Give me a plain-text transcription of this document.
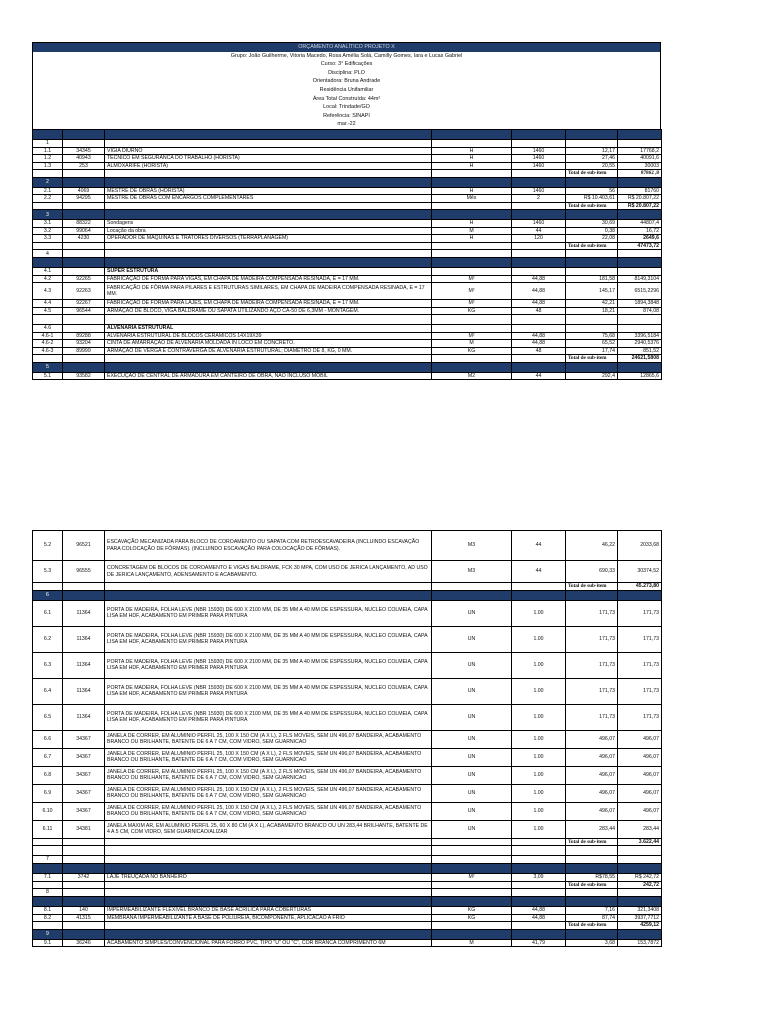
ORÇAMENTO ANALÍTICO PROJETO X
Grupo: João Guilherme, Vitoria Macedo, Rosa Amélia Solá, Camilly Gomes, Iara e Lucas Gabriel
Curso: 3° Edificações
Disciplina: PLO
Orientadora: Bruna Andrade
Residência Unifamiliar
Área Total Construída: 44m²
Local: Trindade/GO
Referência: SINAPI
mar.-22

1						
1.1	34345	VIGIA DIURNO	H	1460	12,17	17768,2
1.2	40943	TECNICO EM SEGURANCA DO TRABALHO (HORISTA)	H	1460	27,46	40091,6
1.3	253	ALMOXARIFE (HORISTA)	H	1460	20,55	30003
					Total de sub-item	87862 ,8
2						
2.1	4069	MESTRE DE OBRAS (HORISTA)	H	1460	56	81760
2.2	94295	MESTRE DE OBRAS COM ENCARGOS COMPLEMENTARES	Mês	2	R$ 10.403,61	R$ 20.807,22
					Total de sub-item	R$ 20.807,22
3						
3.1	88322	Sondagens	H	1460	30,69	44807,4
3.2	99064	Locação da obra	M	44	0,38	16,72
3.3	4230	OPERADOR DE MAQUINAS E TRATORES DIVERSOS (TERRAPLANAGEM)	H	120	22,08	2649,6
					Total de sub-item	47473,72
4						

4.1		SUPER ESTRUTURA				
4.2	92265	FABRICAÇÃO DE FÔRMA PARA VIGAS, EM CHAPA DE MADEIRA COMPENSADA RESINADA, E = 17 MM.	M²	44,88	181,58	8149,3104
4.3	92263	FABRICAÇÃO DE FÔRMA PARA PILARES E ESTRUTURAS SIMILARES, EM CHAPA DE MADEIRA COMPENSADA RESINADA, E = 17 MM.	M²	44,88	145,17	6515,2296
4.4	92267	FABRICAÇÃO DE FÔRMA PARA LAJES, EM CHAPA DE MADEIRA COMPENSADA RESINADA, E = 17 MM.	M²	44,88	42,21	1894,3848
4.5	96544	ARMAÇÃO DE BLOCO, VIGA BALDRAME OU SAPATA UTILIZANDO AÇO CA-50 DE 6,3MM - MONTAGEM.	KG	48	18,21	874,08

4.6		ALVENARIA ESTRUTURAL				
4.6-1	89288	ALVENARIA ESTRUTURAL DE BLOCOS CERÂMICOS 14X19X39	M²	44,88	75,68	3396,5184
4.6-2	93204	CINTA DE AMARRAÇÃO DE ALVENARIA MOLDADA IN LOCO EM CONCRETO.	M	44,88	65,52	2940,5376
4.6-3	89999	ARMAÇÃO DE VERGA E CONTRAVERGA DE ALVENARIA ESTRUTURAL; DIÂMETRO DE 8, KG, 0 MM.	KG	48	17,74	851,52
					Total de sub-item	24621,5808
5						
5.1	93582	EXECUÇÃO DE CENTRAL DE ARMADURA EM CANTEIRO DE OBRA, NÃO INCLUSO MOBIL	M2	44	292,4	12865,6
5.2	96521	ESCAVAÇÃO MECANIZADA PARA BLOCO DE COROAMENTO OU SAPATA COM RETROESCAVADEIRA (INCLUINDO ESCAVAÇÃO PARA COLOCAÇÃO DE FÔRMAS). (INCLUINDO ESCAVAÇÃO PARA COLOCAÇÃO DE FÔRMAS).	M3	44	46,22	2033,68
5.3	96555	CONCRETAGEM DE BLOCOS DE COROAMENTO E VIGAS BALDRAME, FCK 30 MPA, COM USO DE JERICA LANÇAMENTO, AD USO DE JERICA LANÇAMENTO, ADENSAMENTO E ACABAMENTO.	M3	44	690,33	30374,52
					Total de sub-item	45.273,80
6						
6.1	11364	PORTA DE MADEIRA, FOLHA LEVE (NBR 15930) DE 600 X 2100 MM, DE 35 MM A 40 MM DE ESPESSURA, NUCLEO COLMEIA, CAPA LISA EM HDF, ACABAMENTO EM PRIMER PARA PINTURA	UN	1.00	171,73	171,73
6.2	11364	PORTA DE MADEIRA, FOLHA LEVE (NBR 15930) DE 600 X 2100 MM, DE 35 MM A 40 MM DE ESPESSURA, NUCLEO COLMEIA, CAPA LISA EM HDF, ACABAMENTO EM PRIMER PARA PINTURA	UN	1.00	171,73	171,73
6.3	11364	PORTA DE MADEIRA, FOLHA LEVE (NBR 15930) DE 600 X 2100 MM, DE 35 MM A 40 MM DE ESPESSURA, NUCLEO COLMEIA, CAPA LISA EM HDF, ACABAMENTO EM PRIMER PARA PINTURA	UN	1.00	171,73	171,73
6.4	11364	PORTA DE MADEIRA, FOLHA LEVE (NBR 15930) DE 600 X 2100 MM, DE 35 MM A 40 MM DE ESPESSURA, NUCLEO COLMEIA, CAPA LISA EM HDF, ACABAMENTO EM PRIMER PARA PINTURA	UN	1.00	171,73	171,73
6.5	11364	PORTA DE MADEIRA, FOLHA LEVE (NBR 15930) DE 600 X 2100 MM, DE 35 MM A 40 MM DE ESPESSURA, NUCLEO COLMEIA, CAPA LISA EM HDF, ACABAMENTO EM PRIMER PARA PINTURA	UN	1.00	171,73	171,73
6.6	34367	JANELA DE CORRER, EM ALUMINIO PERFIL 25, 100 X 150 CM (A X L), 2 FLS MOVEIS, SEM UN 496,07 BANDEIRA, ACABAMENTO BRANCO OU BRILHANTE, BATENTE DE 6 A 7 CM, COM VIDRO, SEM GUARNICAO	UN	1.00	496,07	496,07
6.7	34367	JANELA DE CORRER, EM ALUMINIO PERFIL 25, 100 X 150 CM (A X L), 2 FLS MOVEIS, SEM UN 496,07 BANDEIRA, ACABAMENTO BRANCO OU BRILHANTE, BATENTE DE 6 A 7 CM, COM VIDRO, SEM GUARNICAO	UN	1.00	496,07	496,07
6.8	34367	JANELA DE CORRER, EM ALUMINIO PERFIL 25, 100 X 150 CM (A X L), 2 FLS MOVEIS, SEM UN 496,07 BANDEIRA, ACABAMENTO BRANCO OU BRILHANTE, BATENTE DE 6 A 7 CM, COM VIDRO, SEM GUARNICAO	UN	1.00	496,07	496,07
6.9	34367	JANELA DE CORRER, EM ALUMINIO PERFIL 25, 100 X 150 CM (A X L), 2 FLS MOVEIS, SEM UN 496,07 BANDEIRA, ACABAMENTO BRANCO OU BRILHANTE, BATENTE DE 6 A 7 CM, COM VIDRO, SEM GUARNICAO	UN	1.00	496,07	496,07
6.10	34367	JANELA DE CORRER, EM ALUMINIO PERFIL 25, 100 X 150 CM (A X L), 2 FLS MOVEIS, SEM UN 496,07 BANDEIRA, ACABAMENTO BRANCO OU BRILHANTE, BATENTE DE 6 A 7 CM, COM VIDRO, SEM GUARNICAO	UN	1.00	496,07	496,07
6.11	34381	JANELA MAXIM AR, EM ALUMINIO PERFIL 25, 60 X 80 CM (A X L), ACABAMENTO BRANCO OU UN 283,44 BRILHANTE, BATENTE DE 4 A 5 CM, COM VIDRO, SEM GUARNICAO/ALIZAR	UN	1.00	283,44	283,44
					Total de sub-item	3.622,44

7						

7.1	3742	LAJE TREUÇADA NO BANHEIRO	M²	3,09	R$78,55	R$ 242,72
					Total de sub-item	242,72
8						

8.1	140	IMPERMEABILIZANTE FLEXIVEL BRANCO DE BASE ACRILICA PARA COBERTURAS	KG	44,88	7,16	321,3408
8.2	41315	MEMBRANA IMPERMEABILIZANTE A BASE DE POLIUREIA, BICOMPONENTE, APLICACAO A FRIO	KG	44,88	87,74	3937,7712
					Total de sub-item	4259,12
9						
9.1	36246	ACABAMENTO SIMPLES/CONVENCIONAL PARA FORRO PVC, TIPO "U" OU "C", COR BRANCA COMPRIMENTO 6M	M	41,79	3,68	153,7872
